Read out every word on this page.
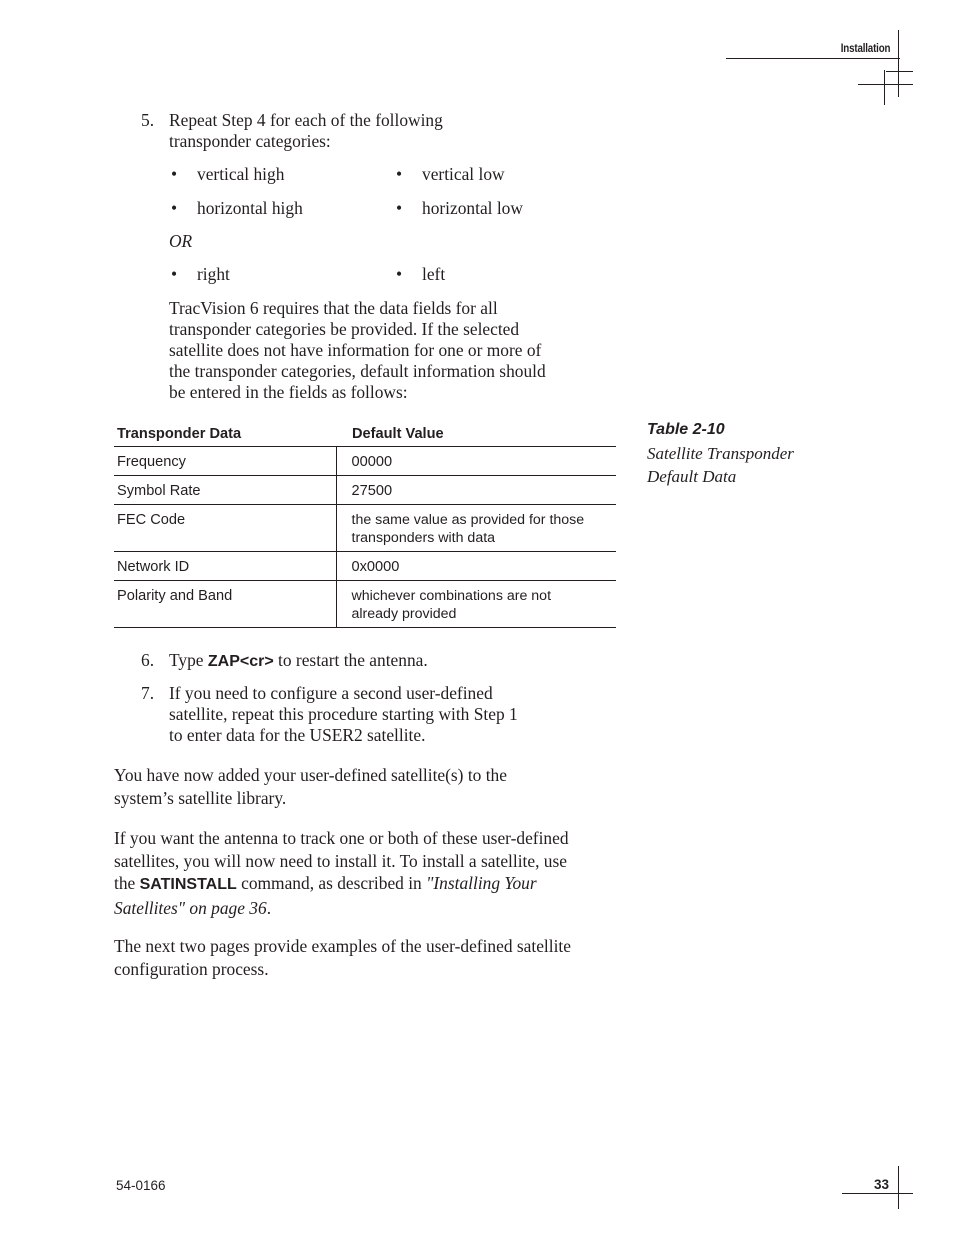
Installation
5. Repeat Step 4 for each of the following
transponder categories:
• vertical high	• vertical low
• horizontal high	• horizontal low
OR
• right	• left
TracVision 6 requires that the data fields for all
transponder categories be provided. If the selected
satellite does not have information for one or more of
the transponder categories, default information should
be entered in the fields as follows:
Transponder Data	Default Value
Frequency	00000
Symbol Rate	27500
FEC Code	the same value as provided for those
transponders with data

Network ID	0x0000
Polarity and Band	whichever combinations are not
already provided
Table 2-10
Satellite Transponder
Default Data
6. Type ZAP<cr> to restart the antenna.
7. If you need to configure a second user-defined
satellite, repeat this procedure starting with Step 1
to enter data for the USER2 satellite.
You have now added your user-defined satellite(s) to the
system’s satellite library.
If you want the antenna to track one or both of these user-defined
satellites, you will now need to install it. To install a satellite, use
the SATINSTALL command, as described in "Installing Your
Satellites" on page 36.
The next two pages provide examples of the user-defined satellite
configuration process.
54-0166	33
